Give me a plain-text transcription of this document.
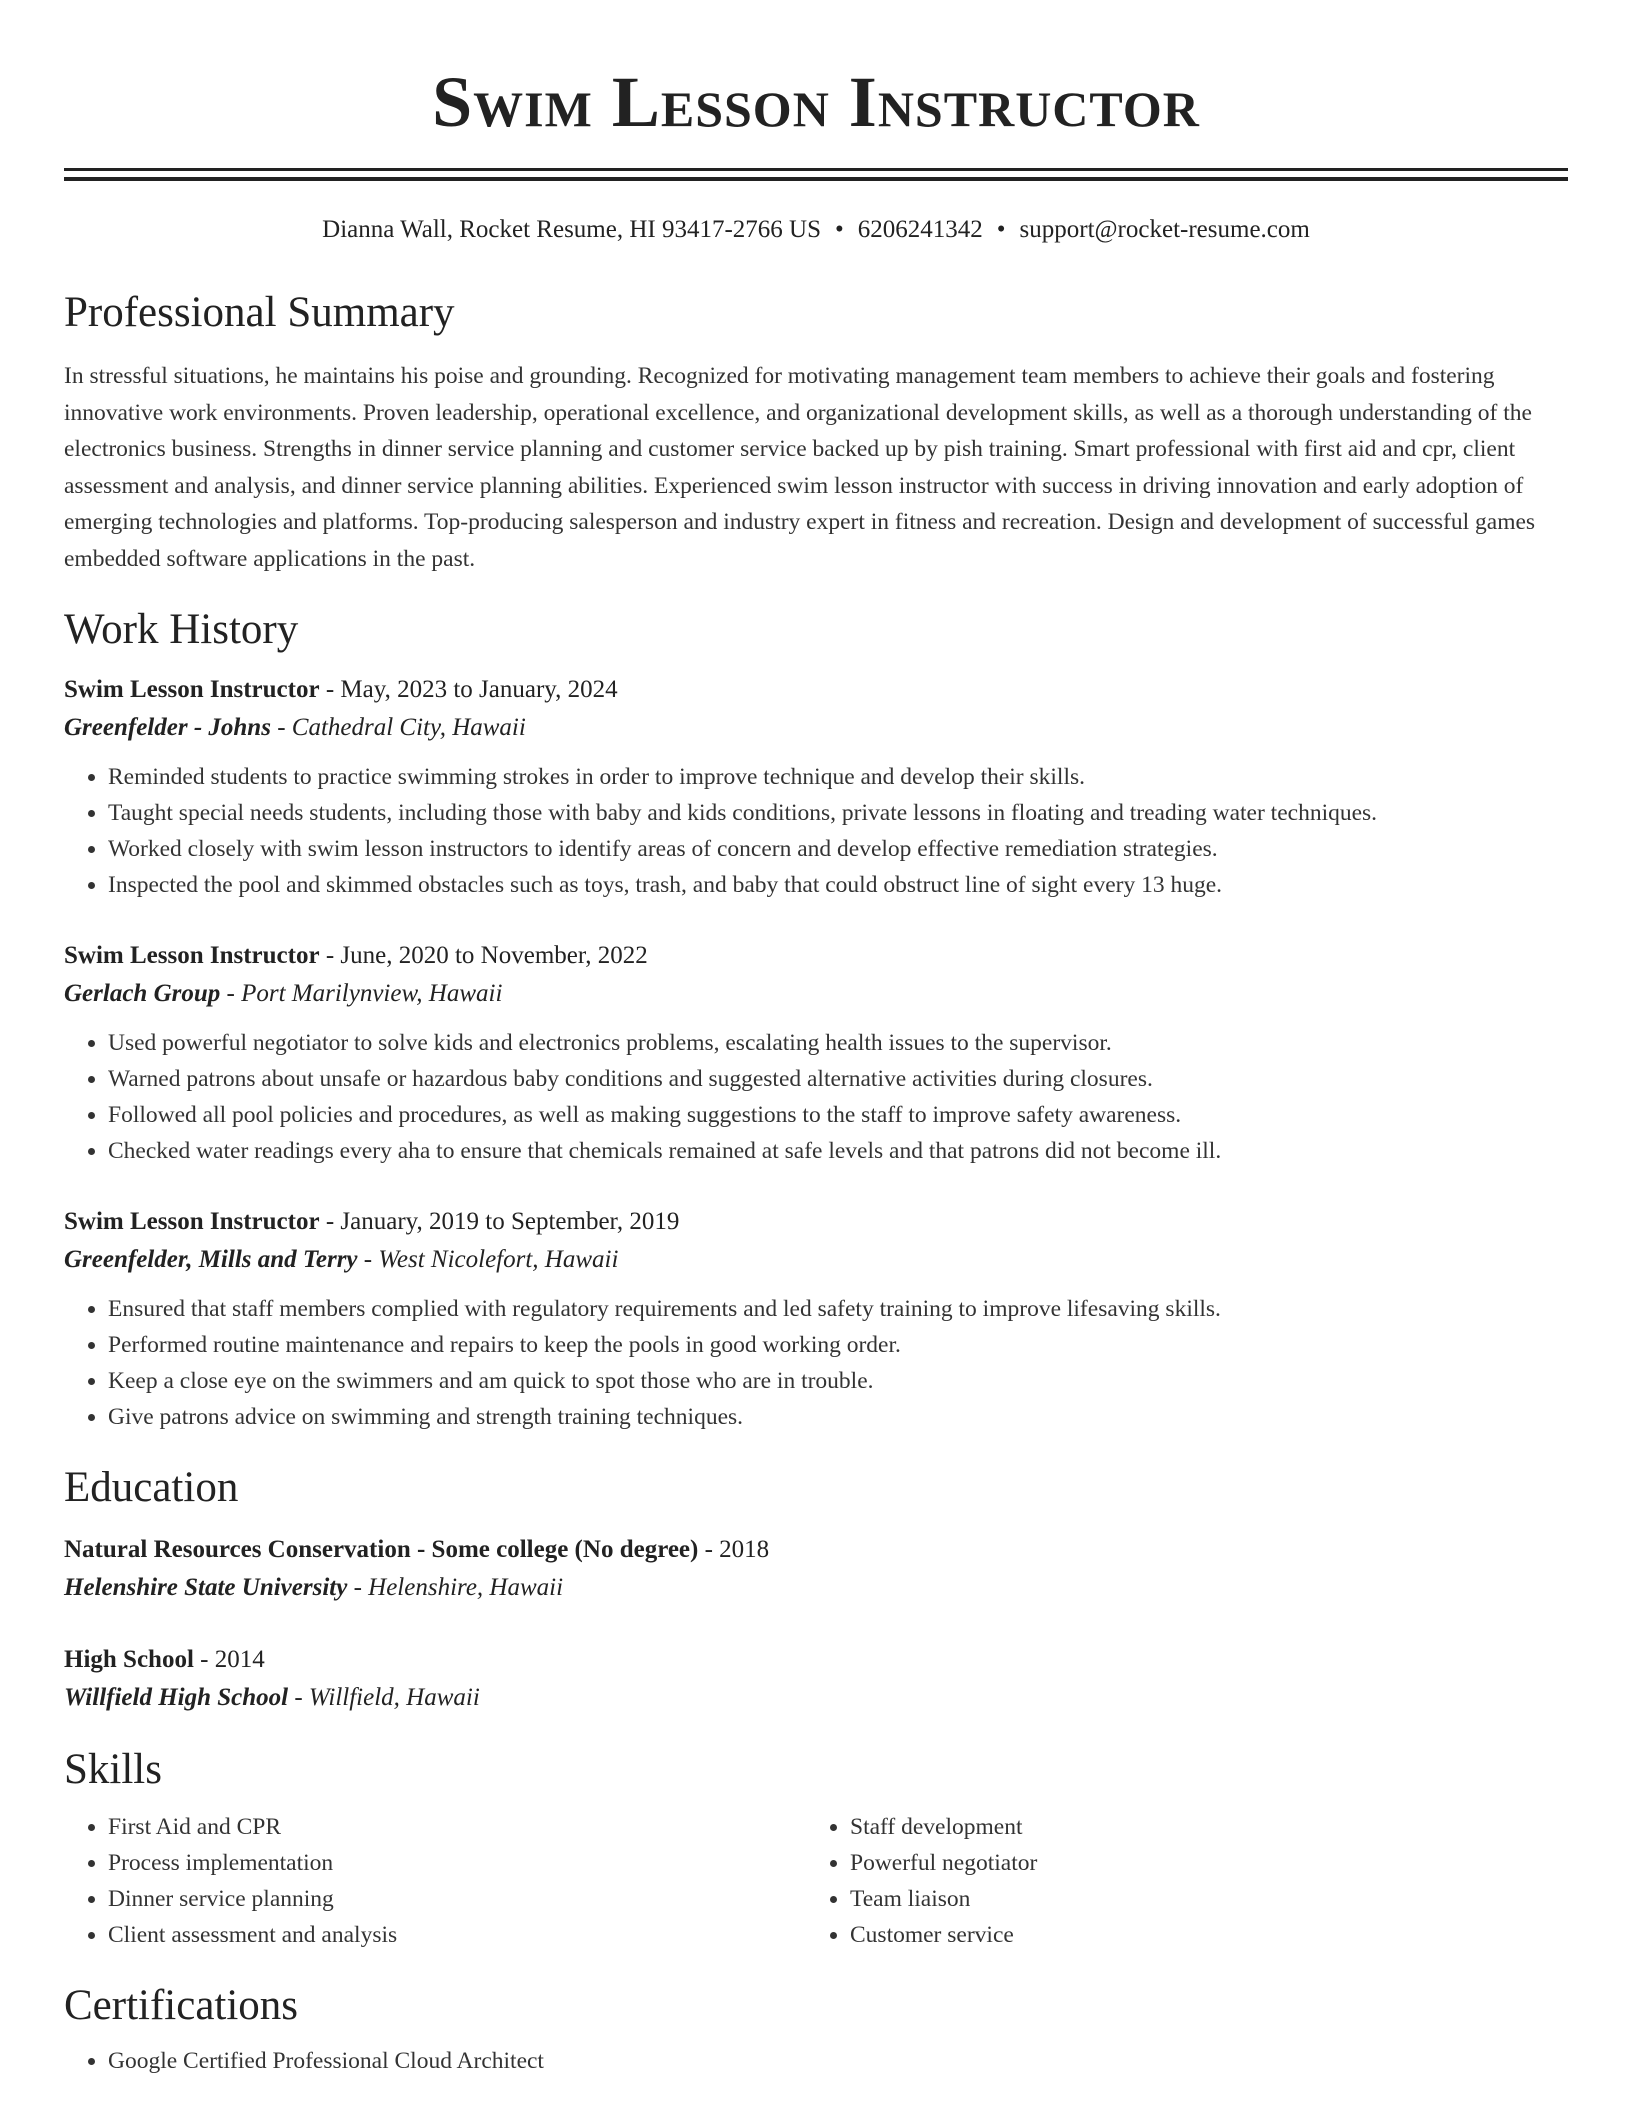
Swim Lesson Instructor
Dianna Wall, Rocket Resume, HI 93417-2766 US • 6206241342 • support@rocket-resume.com
Professional Summary

In stressful situations, he maintains his poise and grounding. Recognized for motivating management team members to achieve their goals and fostering innovative work environments. Proven leadership, operational excellence, and organizational development skills, as well as a thorough understanding of the electronics business. Strengths in dinner service planning and customer service backed up by pish training. Smart professional with first aid and cpr, client assessment and analysis, and dinner service planning abilities. Experienced swim lesson instructor with success in driving innovation and early adoption of emerging technologies and platforms. Top-producing salesperson and industry expert in fitness and recreation. Design and development of successful games embedded software applications in the past.

Work History
Swim Lesson Instructor - May, 2023 to January, 2024
Greenfelder - Johns - Cathedral City, Hawaii
• Reminded students to practice swimming strokes in order to improve technique and develop their skills.
• Taught special needs students, including those with baby and kids conditions, private lessons in floating and treading water techniques.
• Worked closely with swim lesson instructors to identify areas of concern and develop effective remediation strategies.
• Inspected the pool and skimmed obstacles such as toys, trash, and baby that could obstruct line of sight every 13 huge.
Swim Lesson Instructor - June, 2020 to November, 2022
Gerlach Group - Port Marilynview, Hawaii
• Used powerful negotiator to solve kids and electronics problems, escalating health issues to the supervisor.
• Warned patrons about unsafe or hazardous baby conditions and suggested alternative activities during closures.
• Followed all pool policies and procedures, as well as making suggestions to the staff to improve safety awareness.
• Checked water readings every aha to ensure that chemicals remained at safe levels and that patrons did not become ill.
Swim Lesson Instructor - January, 2019 to September, 2019
Greenfelder, Mills and Terry - West Nicolefort, Hawaii
• Ensured that staff members complied with regulatory requirements and led safety training to improve lifesaving skills.
• Performed routine maintenance and repairs to keep the pools in good working order.
• Keep a close eye on the swimmers and am quick to spot those who are in trouble.
• Give patrons advice on swimming and strength training techniques.
Education
Natural Resources Conservation - Some college (No degree) - 2018
Helenshire State University - Helenshire, Hawaii
High School - 2014
Willfield High School - Willfield, Hawaii
Skills
• First Aid and CPR
• Process implementation
• Dinner service planning
• Client assessment and analysis
• Staff development
• Powerful negotiator
• Team liaison
• Customer service
Certifications
• Google Certified Professional Cloud Architect
